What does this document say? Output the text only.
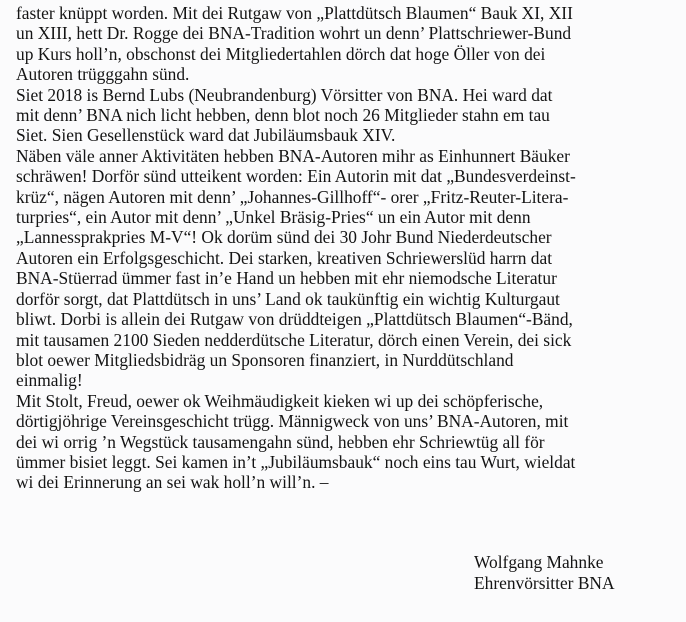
faster knüppt worden. Mit dei Rutgaw von „Plattdütsch Blaumen“ Bauk XI, XII
un XIII, hett Dr. Rogge dei BNA-Tradition wohrt un denn’ Plattschriewer-Bund
up Kurs holl’n, obschonst dei Mitgliedertahlen dörch dat hoge Öller von dei
Autoren trügggahn sünd.
Siet 2018 is Bernd Lubs (Neubrandenburg) Vörsitter von BNA. Hei ward dat
mit denn’ BNA nich licht hebben, denn blot noch 26 Mitglieder stahn em tau
Siet. Sien Gesellenstück ward dat Jubiläumsbauk XIV.
Näben väle anner Aktivitäten hebben BNA-Autoren mihr as Einhunnert Bäuker
schräwen! Dorför sünd utteikent worden: Ein Autorin mit dat „Bundesverdeinst-
krüz“, nägen Autoren mit denn’ „Johannes-Gillhoff“- orer „Fritz-Reuter-Litera-
turpries“, ein Autor mit denn’ „Unkel Bräsig-Pries“ un ein Autor mit denn
„Lannessprakpries M-V“! Ok dorüm sünd dei 30 Johr Bund Niederdeutscher
Autoren ein Erfolgsgeschicht. Dei starken, kreativen Schriewerslüd harrn dat
BNA-Stüerrad ümmer fast in’e Hand un hebben mit ehr niemodsche Literatur
dorför sorgt, dat Plattdütsch in uns’ Land ok taukünftig ein wichtig Kulturgaut
bliwt. Dorbi is allein dei Rutgaw von drüddteigen „Plattdütsch Blaumen“-Bänd,
mit tausamen 2100 Sieden nedderdütsche Literatur, dörch einen Verein, dei sick
blot oewer Mitgliedsbidräg un Sponsoren finanziert, in Nurddütschland
einmalig!
Mit Stolt, Freud, oewer ok Weihmäudigkeit kieken wi up dei schöpferische,
dörtigjöhrige Vereinsgeschicht trügg. Männigweck von uns’ BNA-Autoren, mit
dei wi orrig ’n Wegstück tausamengahn sünd, hebben ehr Schriewtüg all för
ümmer bisiet leggt. Sei kamen in’t „Jubiläumsbauk“ noch eins tau Wurt, wieldat
wi dei Erinnerung an sei wak holl’n will’n. –
Wolfgang Mahnke
Ehrenvörsitter BNA
